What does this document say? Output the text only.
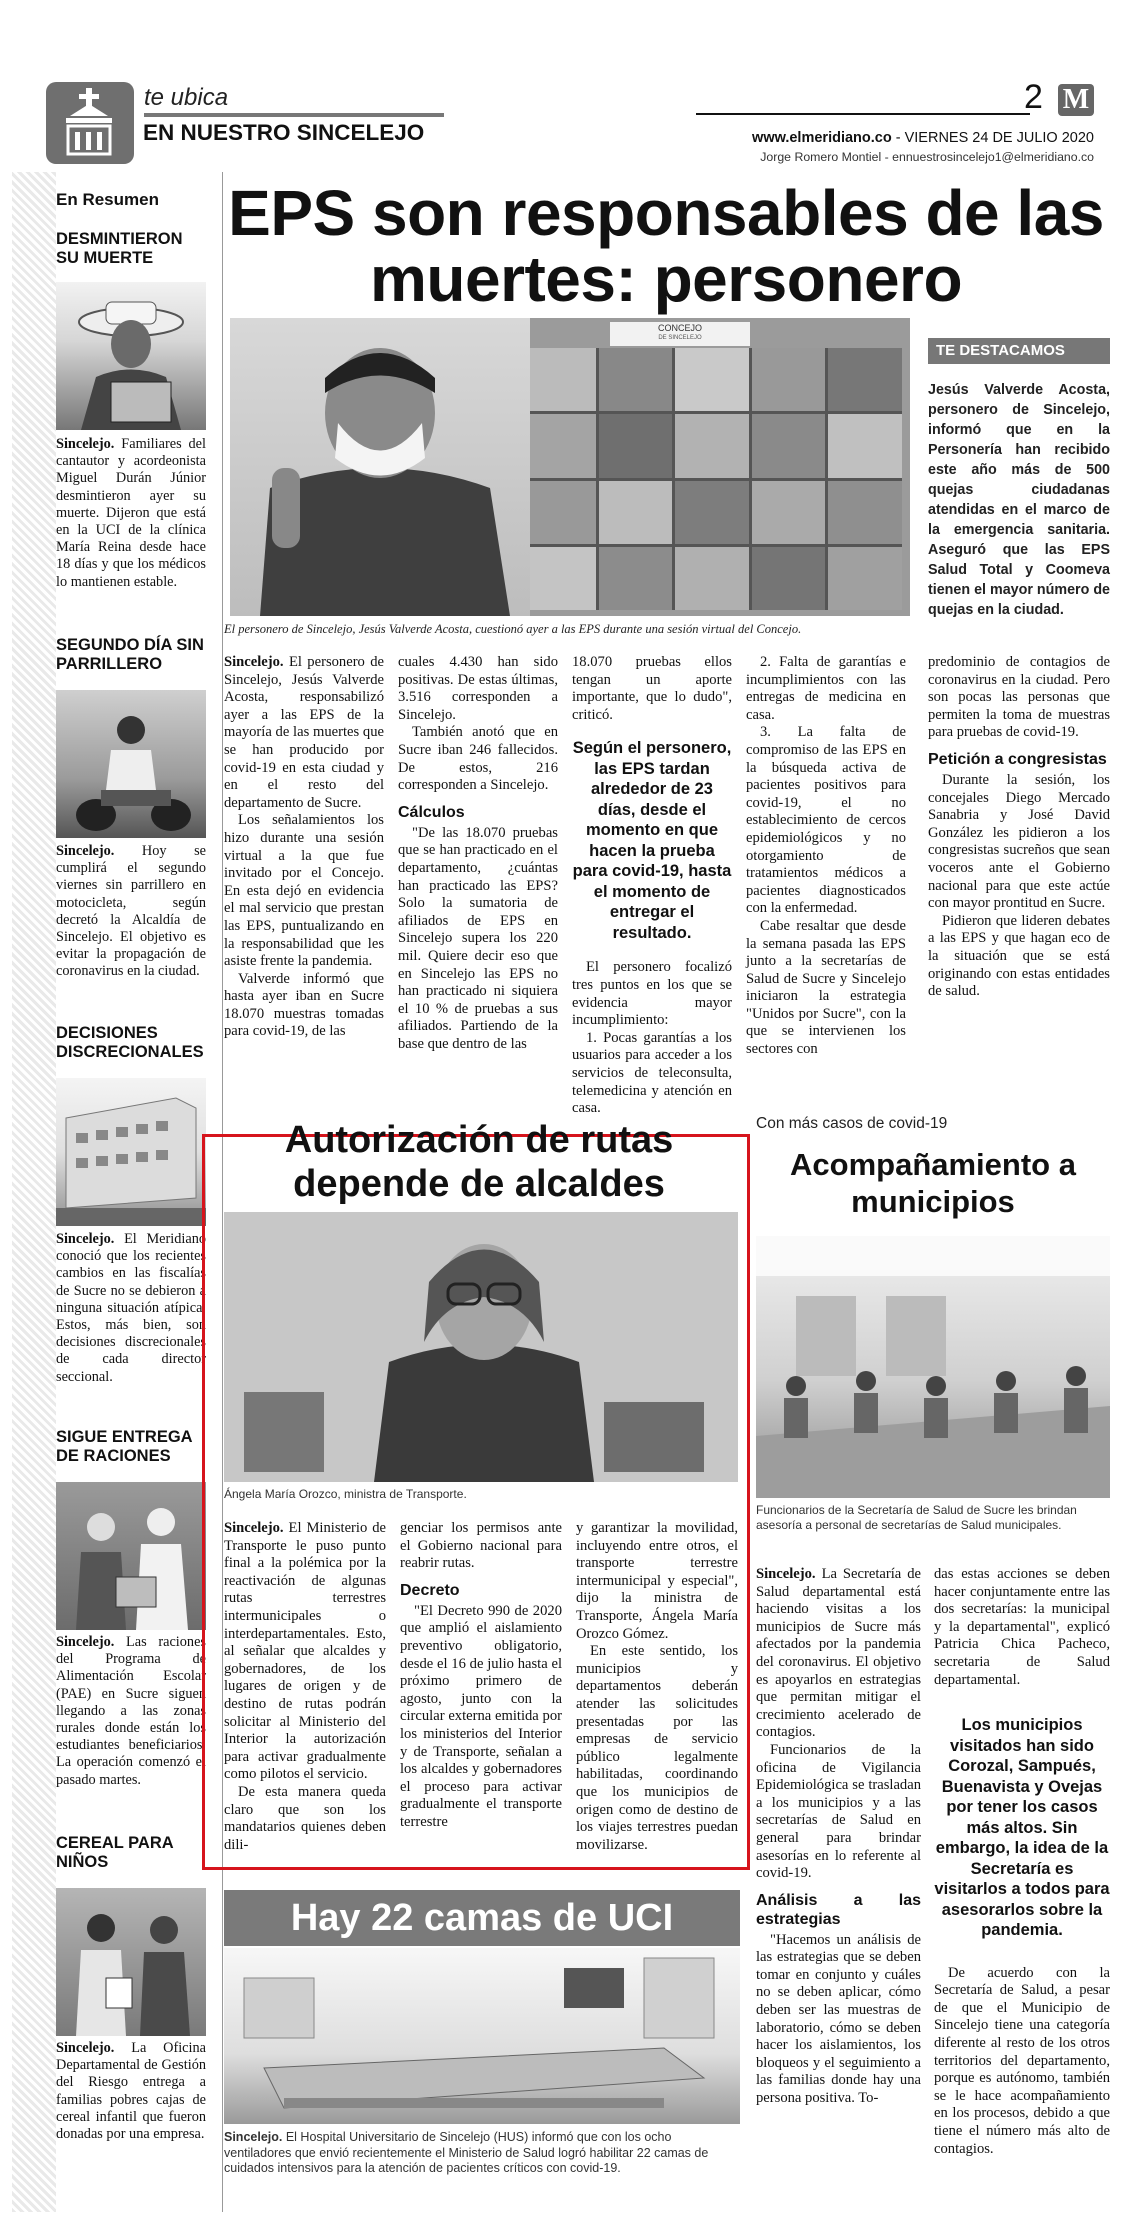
te ubica
EN NUESTRO SINCELEJO
2 M
www.elmeridiano.co - VIERNES 24 DE JULIO 2020
Jorge Romero Montiel - ennuestrosincelejo1@elmeridiano.co
En Resumen
DESMINTIERON SU MUERTE
Sincelejo. Familiares del cantautor y acordeonista Miguel Durán Júnior desmintieron ayer su muerte. Dijeron que está en la UCI de la clínica María Reina desde hace 18 días y que los médicos lo mantienen estable.
SEGUNDO DÍA SIN PARRILLERO
Sincelejo. Hoy se cumplirá el segundo viernes sin parrillero en motocicleta, según decretó la Alcaldía de Sincelejo. El objetivo es evitar la propagación de coronavirus en la ciudad.
DECISIONES DISCRECIONALES
Sincelejo. El Meridiano conoció que los recientes cambios en las fiscalías de Sucre no se debieron a ninguna situación atípica. Estos, más bien, son decisiones discrecionales de cada director seccional.
SIGUE ENTREGA DE RACIONES
Sincelejo. Las raciones del Programa de Alimentación Escolar (PAE) en Sucre siguen llegando a las zonas rurales donde están los estudiantes beneficiarios. La operación comenzó el pasado martes.
CEREAL PARA NIÑOS
Sincelejo. La Oficina Departamental de Gestión del Riesgo entrega a familias pobres cajas de cereal infantil que fueron donadas por una empresa.
EPS son responsables de las muertes: personero
CONCEJO
DE SINCELEJO
El personero de Sincelejo, Jesús Valverde Acosta, cuestionó ayer a las EPS durante una sesión virtual del Concejo.
TE DESTACAMOS
Jesús Valverde Acosta, personero de Sincelejo, informó que en la Personería han recibido este año más de 500 quejas ciudadanas atendidas en el marco de la emergencia sanitaria. Aseguró que las EPS Salud Total y Coomeva tienen el mayor número de quejas en la ciudad.

Sincelejo. El personero de Sincelejo, Jesús Valverde Acosta, responsabilizó ayer a las EPS de la mayoría de las muertes que se han producido por covid-19 en esta ciudad y en el resto del departamento de Sucre.

Los señalamientos los hizo durante una sesión virtual a la que fue invitado por el Concejo. En esta dejó en evidencia el mal servicio que prestan las EPS, puntualizando en la responsabilidad que les asiste frente la pandemia.

Valverde informó que hasta ayer iban en Sucre 18.070 muestras tomadas para covid-19, de las

cuales 4.430 han sido positivas. De estas últimas, 3.516 corresponden a Sincelejo.

También anotó que en Sucre iban 246 fallecidos. De estos, 216 corresponden a Sincelejo.

Cálculos

"De las 18.070 pruebas que se han practicado en el departamento, ¿cuántas han practicado las EPS? Solo la sumatoria de afiliados de EPS en Sincelejo supera los 220 mil. Quiere decir eso que en Sincelejo las EPS no han practicado ni siquiera el 10 % de pruebas a sus afiliados. Partiendo de la base que dentro de las

18.070 pruebas ellos tengan un aporte importante, que lo dudo", criticó.

Según el personero, las EPS tardan alrededor de 23 días, desde el momento en que hacen la prueba para covid-19, hasta el momento de entregar el resultado.

El personero focalizó tres puntos en los que se evidencia mayor incumplimiento:

1. Pocas garantías a los usuarios para acceder a los servicios de teleconsulta, telemedicina y atención en casa.

2. Falta de garantías e incumplimientos con las entregas de medicina en casa.

3. La falta de compromiso de las EPS en la búsqueda activa de pacientes positivos para covid-19, el no establecimiento de cercos epidemiológicos y no otorgamiento de tratamientos médicos a pacientes diagnosticados con la enfermedad.

Cabe resaltar que desde la semana pasada las EPS junto a la secretarías de Salud de Sucre y Sincelejo iniciaron la estrategia "Unidos por Sucre", con la que se intervienen los sectores con

predominio de contagios de coronavirus en la ciudad. Pero son pocas las personas que permiten la toma de muestras para pruebas de covid-19.

Petición a congresistas

Durante la sesión, los concejales Diego Mercado Sanabria y José David González les pidieron a los congresistas sucreños que sean voceros ante el Gobierno nacional para que este actúe con mayor prontitud en Sucre.

Pidieron que lideren debates a las EPS y que hagan eco de la situación que se está originando con estas entidades de salud.

Autorización de rutas depende de alcaldes
Ángela María Orozco, ministra de Transporte.

Sincelejo. El Ministerio de Transporte le puso punto final a la polémica por la reactivación de algunas rutas terrestres intermunicipales o interdepartamentales. Esto, al señalar que alcaldes y gobernadores, de los lugares de origen y de destino de rutas podrán solicitar al Ministerio del Interior la autorización para activar gradualmente como pilotos el servicio.

De esta manera queda claro que son los mandatarios quienes deben dili-

genciar los permisos ante el Gobierno nacional para reabrir rutas.

Decreto

"El Decreto 990 de 2020 que amplió el aislamiento preventivo obligatorio, desde el 16 de julio hasta el próximo primero de agosto, junto con la circular externa emitida por los ministerios del Interior y de Transporte, señalan a los alcaldes y gobernadores el proceso para activar gradualmente el transporte terrestre

y garantizar la movilidad, incluyendo entre otros, el transporte terrestre intermunicipal y especial", dijo la ministra de Transporte, Ángela María Orozco Gómez.

En este sentido, los municipios y departamentos deberán atender las solicitudes presentadas por las empresas de servicio público legalmente habilitadas, coordinando que los municipios de origen como de destino de los viajes terrestres puedan movilizarse.

Con más casos de covid-19
Acompañamiento a municipios
Funcionarios de la Secretaría de Salud de Sucre les brindan asesoría a personal de secretarías de Salud municipales.

Sincelejo. La Secretaría de Salud departamental está haciendo visitas a los municipios de Sucre más afectados por la pandemia del coronavirus. El objetivo es apoyarlos en estrategias que permitan mitigar el crecimiento acelerado de contagios.

Funcionarios de la oficina de Vigilancia Epidemiológica se trasladan a los municipios y a las secretarías de Salud en general para brindar asesorías en lo referente al covid-19.

Análisis a las estrategias

"Hacemos un análisis de las estrategias que se deben tomar en conjunto y cuáles no se deben aplicar, cómo deben ser las muestras de laboratorio, cómo se deben hacer los aislamientos, los bloqueos y el seguimiento a las familias donde hay una persona positiva. To-

das estas acciones se deben hacer conjuntamente entre las dos secretarías: la municipal y la departamental", explicó Patricia Chica Pacheco, secretaria de Salud departamental.

Los municipios visitados han sido Corozal, Sampués, Buenavista y Ovejas por tener los casos más altos. Sin embargo, la idea de la Secretaría es visitarlos a todos para asesorarlos sobre la pandemia.

De acuerdo con la Secretaría de Salud, a pesar de que el Municipio de Sincelejo tiene una categoría diferente al resto de los otros territorios del departamento, porque es autónomo, también se le hace acompañamiento en los procesos, debido a que tiene el número más alto de contagios.

Hay 22 camas de UCI
Sincelejo. El Hospital Universitario de Sincelejo (HUS) informó que con los ocho ventiladores que envió recientemente el Ministerio de Salud logró habilitar 22 camas de cuidados intensivos para la atención de pacientes críticos con covid-19.
